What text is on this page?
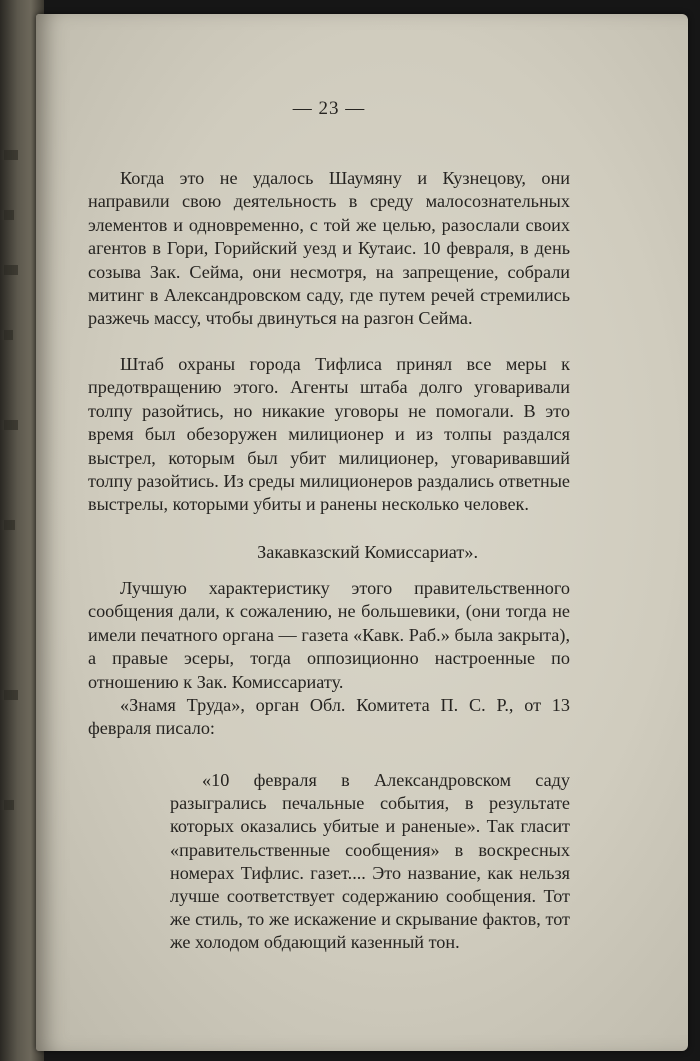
— 23 —

Когда это не удалось Шаумяну и Кузнецову, они направили свою деятельность в среду малосознательных элементов и одновременно, с той же целью, разослали своих агентов в Гори, Горийский уезд и Кутаис. 10 февраля, в день созыва Зак. Сейма, они несмотря, на запрещение, собрали митинг в Александровском саду, где путем речей стремились разжечь массу, чтобы двинуться на разгон Сейма.

Штаб охраны города Тифлиса принял все меры к предотвращению этого. Агенты штаба долго уговаривали толпу разойтись, но никакие уговоры не помогали. В это время был обезоружен милиционер и из толпы раздался выстрел, которым был убит милиционер, уговаривавший толпу разойтись. Из среды милиционеров раздались ответные выстрелы, которыми убиты и ранены несколько человек.

Закавказский Комиссариат».

Лучшую характеристику этого правительственного сообщения дали, к сожалению, не большевики, (они тогда не имели печатного органа — газета «Кавк. Раб.» была закрыта), а правые эсеры, тогда оппозиционно настроенные по отношению к Зак. Комиссариату.

«Знамя Труда», орган Обл. Комитета П. С. Р., от 13 февраля писало:

«10 февраля в Александровском саду разыгрались печальные события, в результате которых оказались убитые и раненые». Так гласит «правительственные сообщения» в воскресных номерах Тифлис. газет.... Это название, как нельзя лучше соответствует содержанию сообщения. Тот же стиль, то же искажение и скрывание фактов, тот же холодом обдающий казенный тон.
